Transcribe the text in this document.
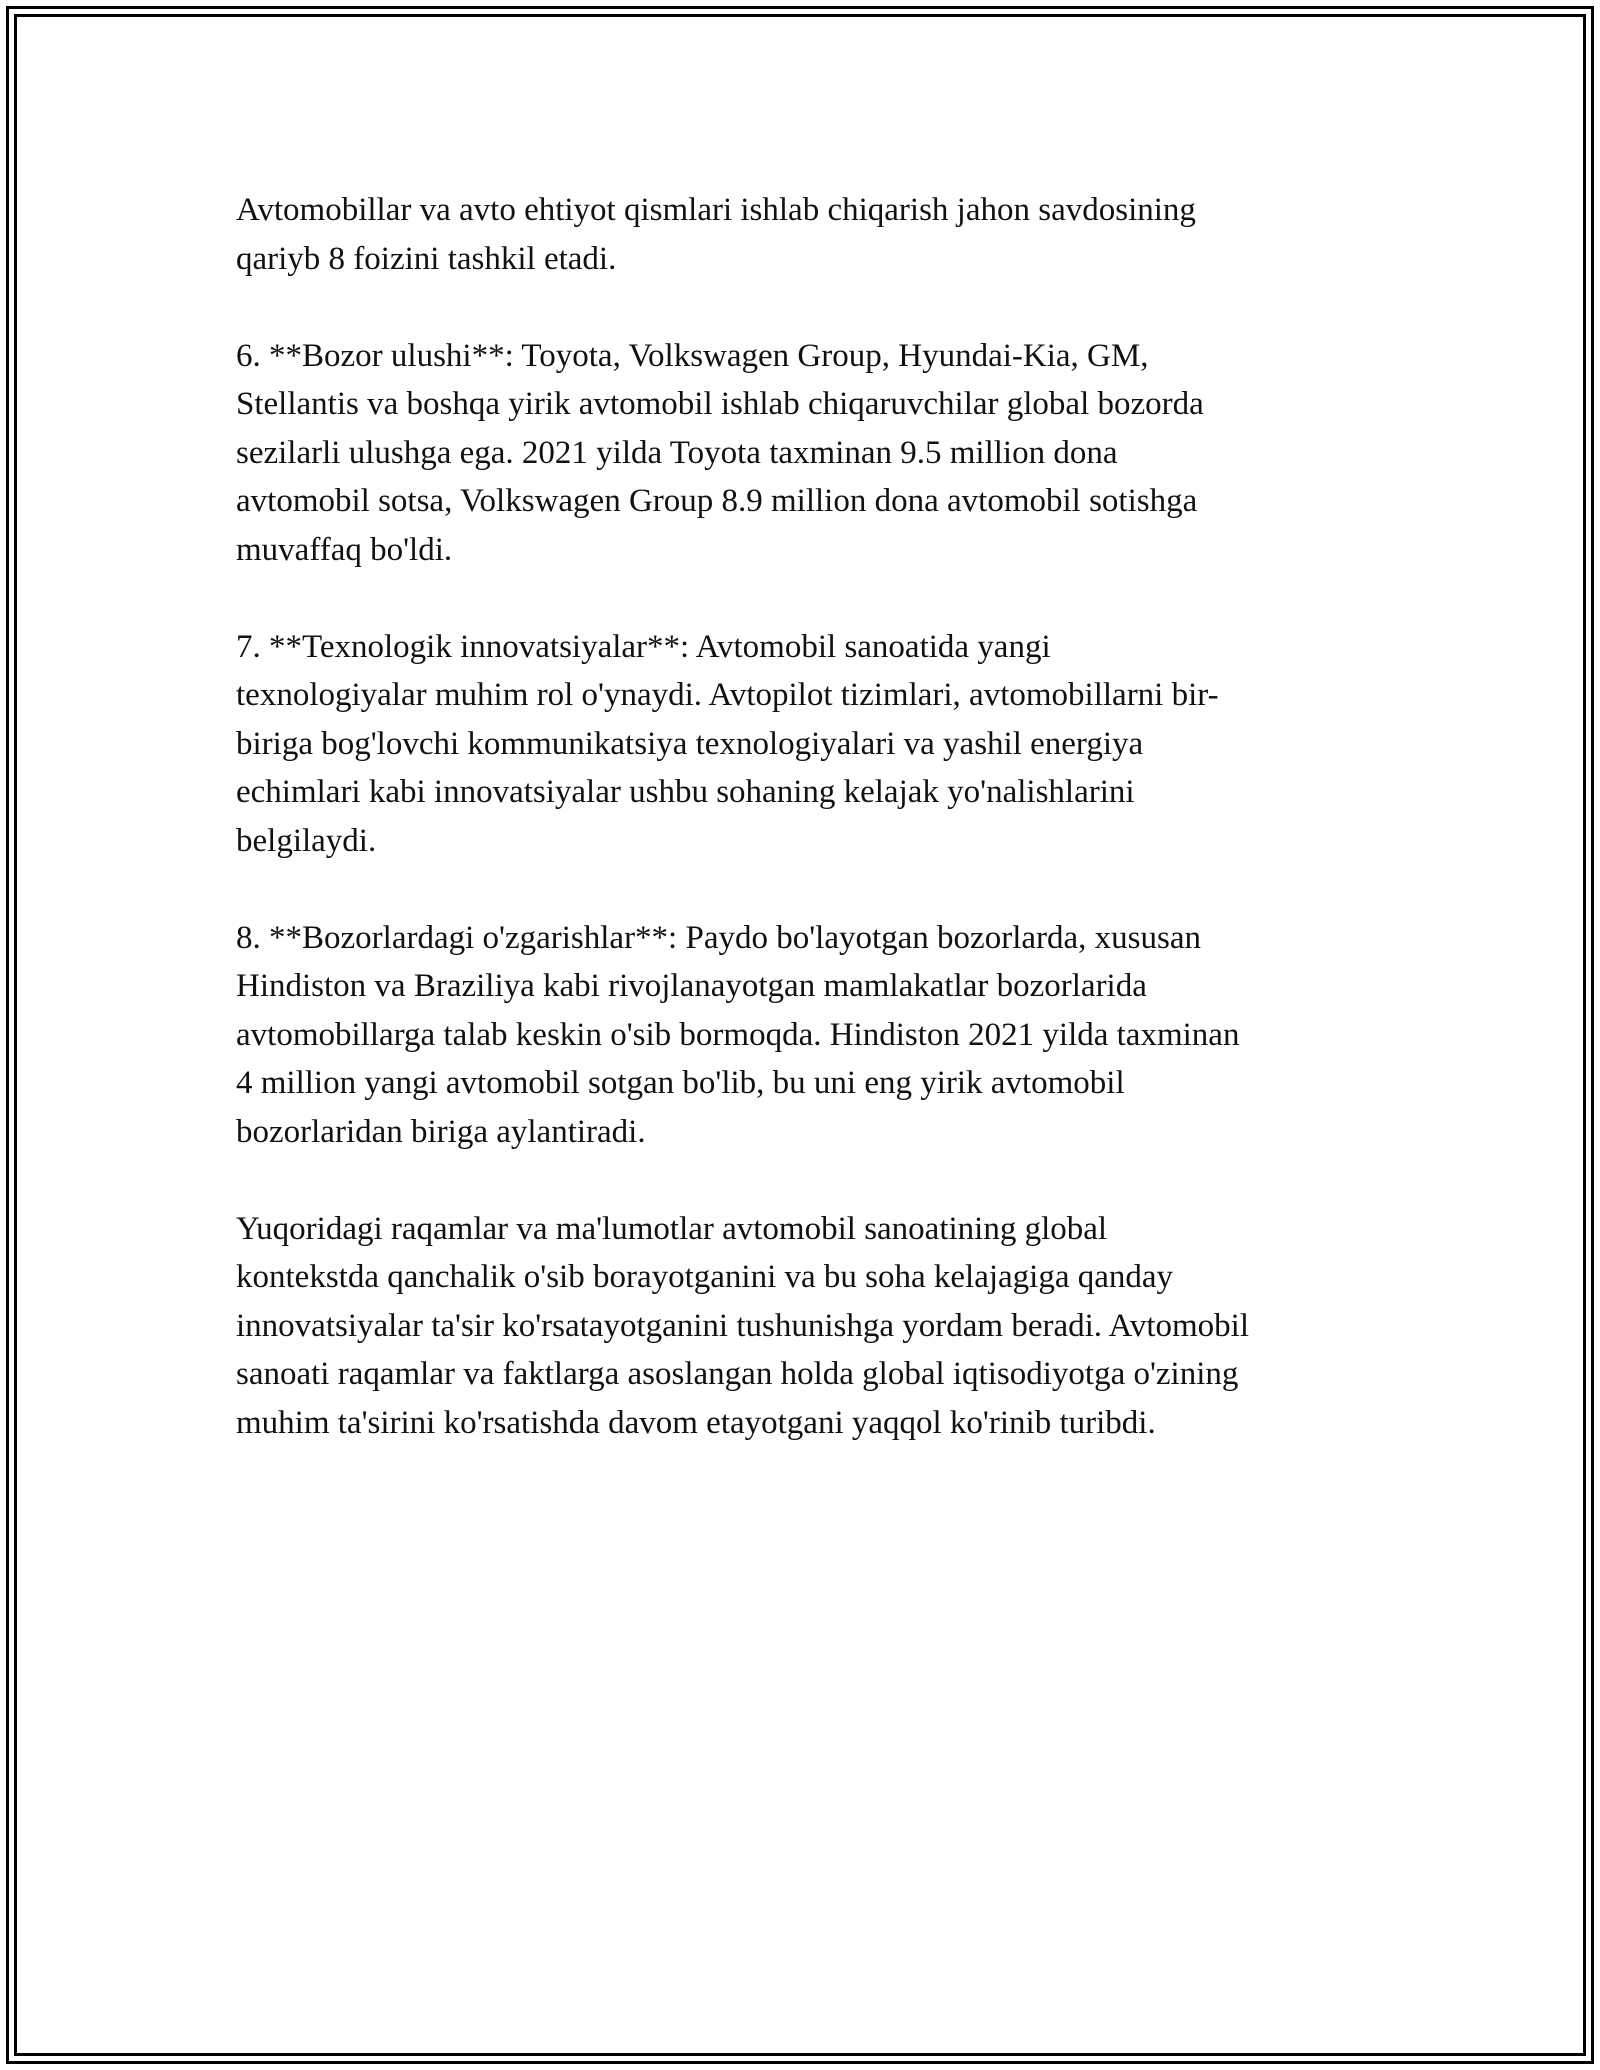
Avtomobillar va avto ehtiyot qismlari ishlab chiqarish jahon savdosining
qariyb 8 foizini tashkil etadi.

6. **Bozor ulushi**: Toyota, Volkswagen Group, Hyundai-Kia, GM,
Stellantis va boshqa yirik avtomobil ishlab chiqaruvchilar global bozorda
sezilarli ulushga ega. 2021 yilda Toyota taxminan 9.5 million dona
avtomobil sotsa, Volkswagen Group 8.9 million dona avtomobil sotishga
muvaffaq bo'ldi.

7. **Texnologik innovatsiyalar**: Avtomobil sanoatida yangi
texnologiyalar muhim rol o'ynaydi. Avtopilot tizimlari, avtomobillarni bir-
biriga bog'lovchi kommunikatsiya texnologiyalari va yashil energiya
echimlari kabi innovatsiyalar ushbu sohaning kelajak yo'nalishlarini
belgilaydi.

8. **Bozorlardagi o'zgarishlar**: Paydo bo'layotgan bozorlarda, xususan
Hindiston va Braziliya kabi rivojlanayotgan mamlakatlar bozorlarida
avtomobillarga talab keskin o'sib bormoqda. Hindiston 2021 yilda taxminan
4 million yangi avtomobil sotgan bo'lib, bu uni eng yirik avtomobil
bozorlaridan biriga aylantiradi.

Yuqoridagi raqamlar va ma'lumotlar avtomobil sanoatining global
kontekstda qanchalik o'sib borayotganini va bu soha kelajagiga qanday
innovatsiyalar ta'sir ko'rsatayotganini tushunishga yordam beradi. Avtomobil
sanoati raqamlar va faktlarga asoslangan holda global iqtisodiyotga o'zining
muhim ta'sirini ko'rsatishda davom etayotgani yaqqol ko'rinib turibdi.
